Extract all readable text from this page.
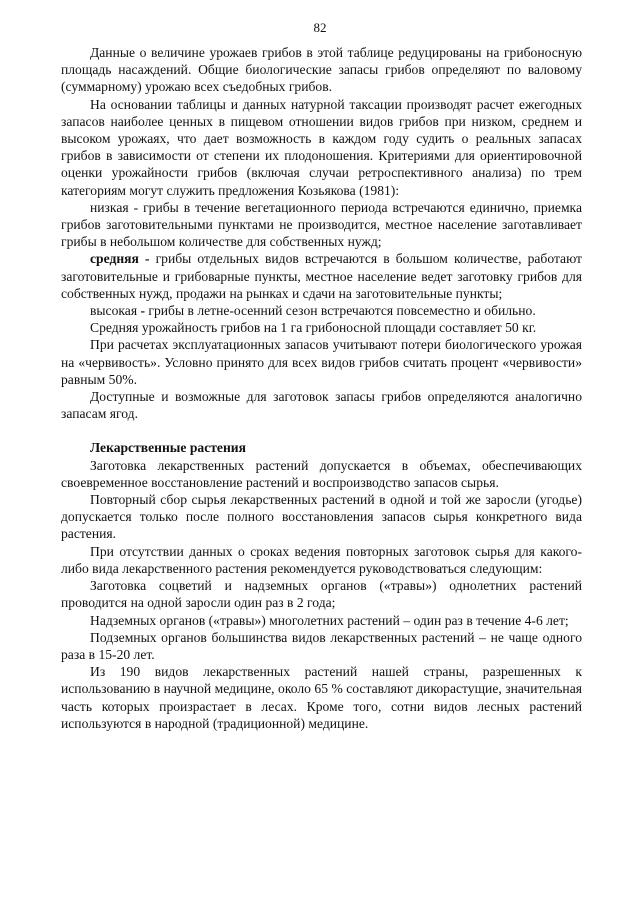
82

Данные о величине урожаев грибов в этой таблице редуцированы на грибоносную площадь насаждений. Общие биологические запасы грибов определяют по валовому (суммарному) урожаю всех съедобных грибов.

На основании таблицы и данных натурной таксации производят расчет ежегодных запасов наиболее ценных в пищевом отношении видов грибов при низком, среднем и высоком урожаях, что дает возможность в каждом году судить о реальных запасах грибов в зависимости от степени их плодоношения. Критериями для ориентировочной оценки урожайности грибов (включая случаи ретроспективного анализа) по трем категориям могут служить предложения Козьякова (1981):

низкая - грибы в течение вегетационного периода встречаются единично, приемка грибов заготовительными пунктами не производится, местное население заготавливает грибы в небольшом количестве для собственных нужд;

средняя - грибы отдельных видов встречаются в большом количестве, работают заготовительные и грибоварные пункты, местное население ведет заготовку грибов для собственных нужд, продажи на рынках и сдачи на заготовительные пункты;

высокая - грибы в летне-осенний сезон встречаются повсеместно и обильно.

Средняя урожайность грибов на 1 га грибоносной площади составляет 50 кг.

При расчетах эксплуатационных запасов учитывают потери биологического урожая на «червивость». Условно принято для всех видов грибов считать процент «червивости» равным 50%.

Доступные и возможные для заготовок запасы грибов определяются аналогично запасам ягод.

Лекарственные растения

Заготовка лекарственных растений допускается в объемах, обеспечивающих своевременное восстановление растений и воспроизводство запасов сырья.

Повторный сбор сырья лекарственных растений в одной и той же заросли (угодье) допускается только после полного восстановления запасов сырья конкретного вида растения.

При отсутствии данных о сроках ведения повторных заготовок сырья для какого-либо вида лекарственного растения рекомендуется руководствоваться следующим:

Заготовка соцветий и надземных органов («травы») однолетних растений проводится на одной заросли один раз в 2 года;

Надземных органов («травы») многолетних растений – один раз в течение 4-6 лет;

Подземных органов большинства видов лекарственных растений – не чаще одного раза в 15-20 лет.

Из 190 видов лекарственных растений нашей страны, разрешенных к использованию в научной медицине, около 65 % составляют дикорастущие, значительная часть которых произрастает в лесах. Кроме того, сотни видов лесных растений используются в народной (традиционной) медицине.
